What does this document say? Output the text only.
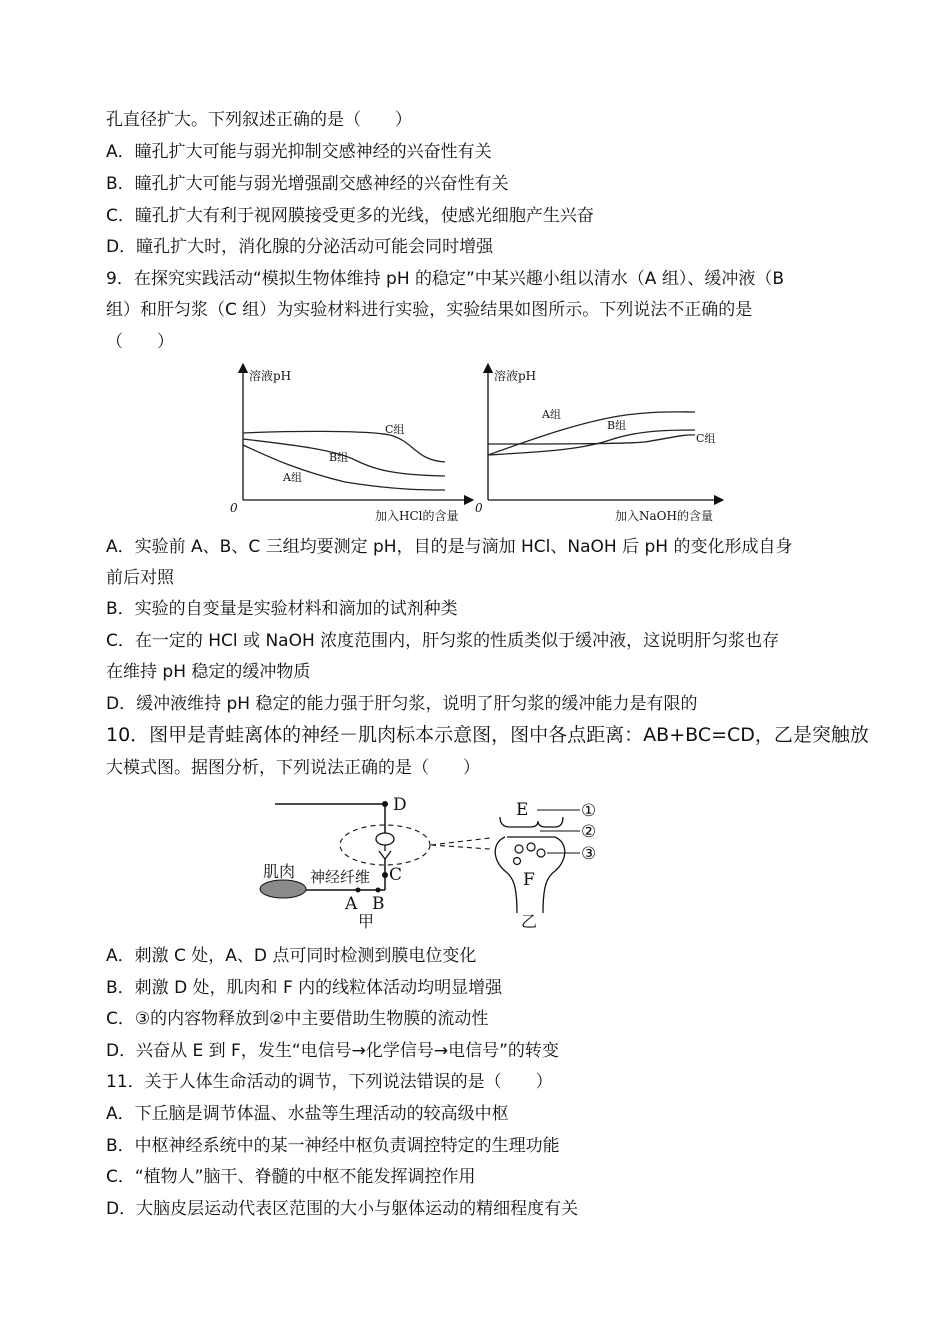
孔直径扩大。下列叙述正确的是（　　）
A．瞳孔扩大可能与弱光抑制交感神经的兴奋性有关
B．瞳孔扩大可能与弱光增强副交感神经的兴奋性有关
C．瞳孔扩大有利于视网膜接受更多的光线，使感光细胞产生兴奋
D．瞳孔扩大时，消化腺的分泌活动可能会同时增强
9．在探究实践活动“模拟生物体维持 pH 的稳定”中某兴趣小组以清水（A 组）、缓冲液（B
组）和肝匀浆（C 组）为实验材料进行实验，实验结果如图所示。下列说法不正确的是
（　　）
溶液pH
0
加入HCl的含量
C组
B组
A组
溶液pH
0
加入NaOH的含量
A组
B组
C组
A．实验前 A、B、C 三组均要测定 pH，目的是与滴加 HCl、NaOH 后 pH 的变化形成自身
前后对照
B．实验的自变量是实验材料和滴加的试剂种类
C．在一定的 HCl 或 NaOH 浓度范围内，肝匀浆的性质类似于缓冲液，这说明肝匀浆也存
在维持 pH 稳定的缓冲物质
D．缓冲液维持 pH 稳定的能力强于肝匀浆，说明了肝匀浆的缓冲能力是有限的
10．图甲是青蛙离体的神经－肌肉标本示意图，图中各点距离：AB+BC=CD，乙是突触放
大模式图。据图分析，下列说法正确的是（　　）
D
C
肌肉 神经纤维
A B
甲
E	①
②
③
F
乙
A．刺激 C 处，A、D 点可同时检测到膜电位变化
B．刺激 D 处，肌肉和 F 内的线粒体活动均明显增强
C．③的内容物释放到②中主要借助生物膜的流动性
D．兴奋从 E 到 F，发生“电信号→化学信号→电信号”的转变
11．关于人体生命活动的调节，下列说法错误的是（　　）
A．下丘脑是调节体温、水盐等生理活动的较高级中枢
B．中枢神经系统中的某一神经中枢负责调控特定的生理功能
C．“植物人”脑干、脊髓的中枢不能发挥调控作用
D．大脑皮层运动代表区范围的大小与躯体运动的精细程度有关
